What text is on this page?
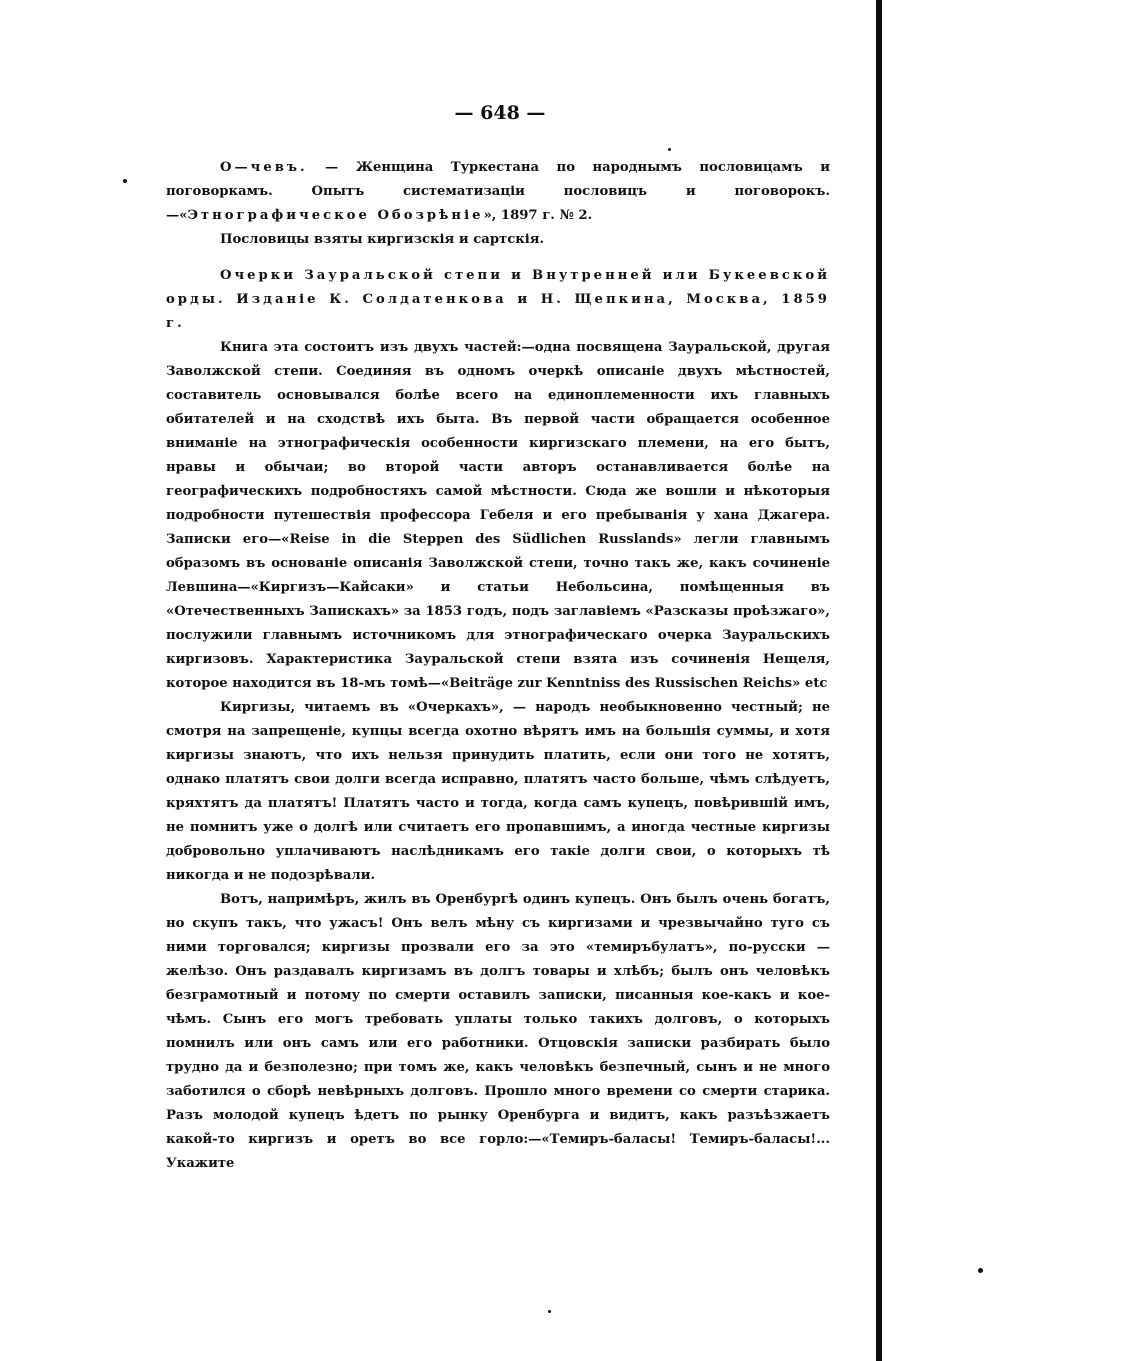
— 648 —

О—чевъ. — Женщина Туркестана по народнымъ пословицамъ и поговоркамъ. Опытъ систематизаціи пословицъ и поговорокъ.—«Этнографическое Обозрѣніе», 1897 г. № 2.

Пословицы взяты киргизскія и сартскія.

Очерки Зауральской степи и Внутренней или Букеевской орды. Изданіе К. Солдатенкова и Н. Щепкина, Москва, 1859 г.

Книга эта состоитъ изъ двухъ частей:—одна посвящена Зауральской, другая Заволжской степи. Соединяя въ одномъ очеркѣ описаніе двухъ мѣстностей, составитель основывался болѣе всего на единоплеменности ихъ главныхъ обитателей и на сходствѣ ихъ быта. Въ первой части обращается особенное вниманіе на этнографическія особенности киргизскаго племени, на его бытъ, нравы и обычаи; во второй части авторъ останавливается болѣе на географическихъ подробностяхъ самой мѣстности. Сюда же вошли и нѣкоторыя подробности путешествія профессора Гебеля и его пребыванія у хана Джагера. Записки его—«Reise in die Steppen des Südlichen Russlands» легли главнымъ образомъ въ основаніе описанія Заволжской степи, точно такъ же, какъ сочиненіе Левшина—«Киргизъ—Кайсаки» и статьи Небольсина, помѣщенныя въ «Отечественныхъ Запискахъ» за 1853 годъ, подъ заглавіемъ «Разсказы проѣзжаго», послужили главнымъ источникомъ для этнографическаго очерка Зауральскихъ киргизовъ. Характеристика Зауральской степи взята изъ сочиненія Нещеля, которое находится въ 18-мъ томѣ—«Beiträge zur Kenntniss des Russischen Reichs» etc

Киргизы, читаемъ въ «Очеркахъ», — народъ необыкновенно честный; не смотря на запрещеніе, купцы всегда охотно вѣрятъ имъ на большія суммы, и хотя киргизы знаютъ, что ихъ нельзя принудить платить, если они того не хотятъ, однако платятъ свои долги всегда исправно, платятъ часто больше, чѣмъ слѣдуетъ, кряхтятъ да платятъ! Платятъ часто и тогда, когда самъ купецъ, повѣрившій имъ, не помнитъ уже о долгѣ или считаетъ его пропавшимъ, а иногда честные киргизы добровольно уплачиваютъ наслѣдникамъ его такіе долги свои, о которыхъ тѣ никогда и не подозрѣвали.

Вотъ, напримѣръ, жилъ въ Оренбургѣ одинъ купецъ. Онъ былъ очень богатъ, но скупъ такъ, что ужасъ! Онъ велъ мѣну съ киргизами и чрезвычайно туго съ ними торговался; киргизы прозвали его за это «темиръбулатъ», по-русски — желѣзо. Онъ раздавалъ киргизамъ въ долгъ товары и хлѣбъ; былъ онъ человѣкъ безграмотный и потому по смерти оставилъ записки, писанныя кое-какъ и кое-чѣмъ. Сынъ его могъ требовать уплаты только такихъ долговъ, о которыхъ помнилъ или онъ самъ или его работники. Отцовскія записки разбирать было трудно да и безполезно; при томъ же, какъ человѣкъ безпечный, сынъ и не много заботился о сборѣ невѣрныхъ долговъ. Прошло много времени со смерти старика. Разъ молодой купецъ ѣдетъ по рынку Оренбурга и видитъ, какъ разъѣзжаетъ какой-то киргизъ и оретъ во все горло:—«Темиръ-баласы! Темиръ-баласы!... Укажите
